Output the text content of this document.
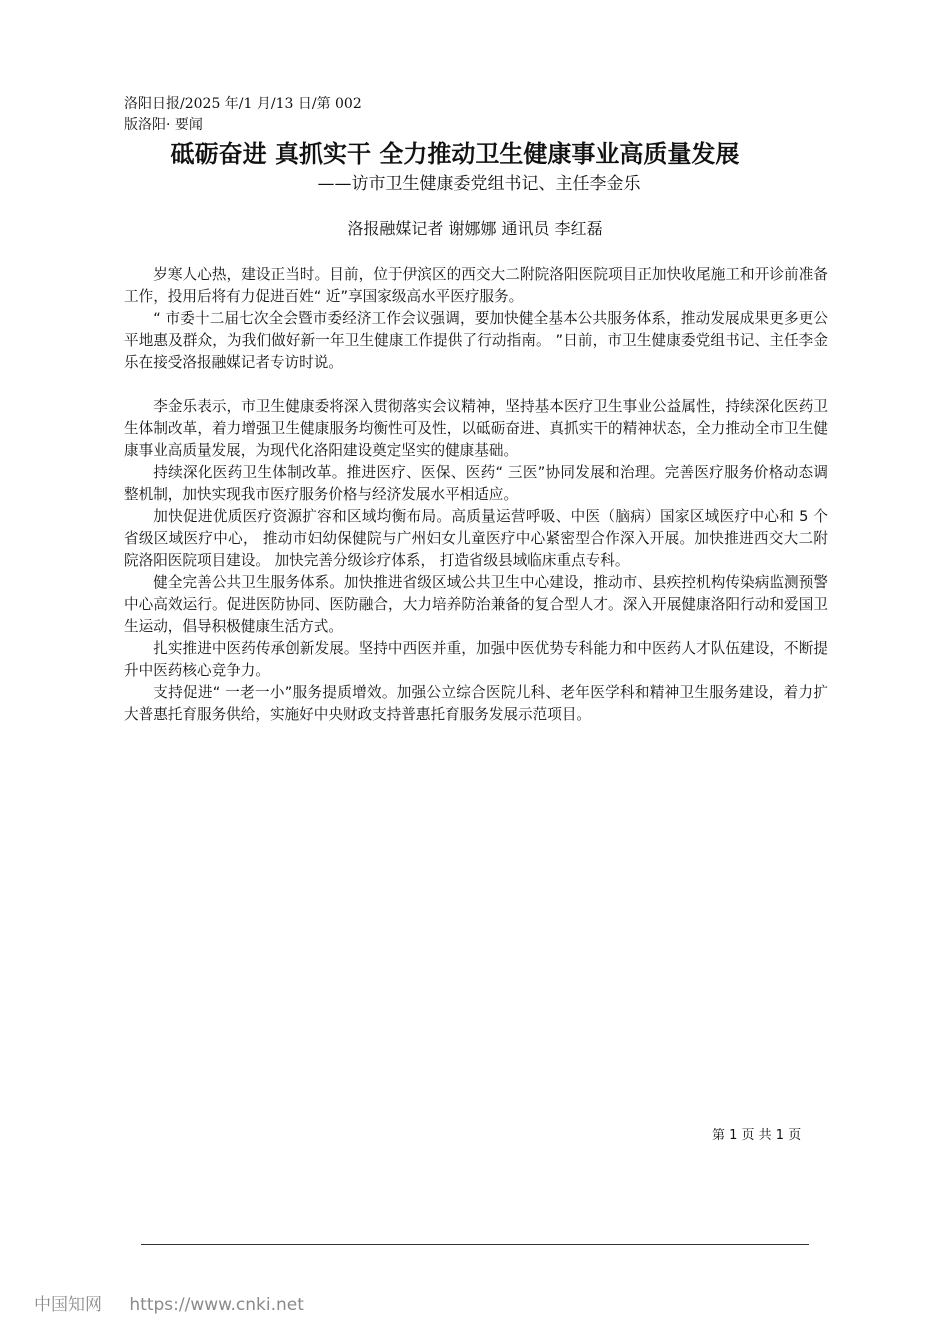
洛阳日报/2025 年/1 月/13 日/第 002
版洛阳· 要闻
砥砺奋进 真抓实干 全力推动卫生健康事业高质量发展
——访市卫生健康委党组书记、主任李金乐
洛报融媒记者 谢娜娜 通讯员 李红磊

岁寒人心热，建设正当时。目前，位于伊滨区的西交大二附院洛阳医院项目正加快收尾施工和开诊前准备工作，投用后将有力促进百姓“ 近”享国家级高水平医疗服务。

“ 市委十二届七次全会暨市委经济工作会议强调，要加快健全基本公共服务体系，推动发展成果更多更公平地惠及群众，为我们做好新一年卫生健康工作提供了行动指南。 ”日前，市卫生健康委党组书记、主任李金乐在接受洛报融媒记者专访时说。

李金乐表示，市卫生健康委将深入贯彻落实会议精神，坚持基本医疗卫生事业公益属性，持续深化医药卫生体制改革，着力增强卫生健康服务均衡性可及性，以砥砺奋进、真抓实干的精神状态，全力推动全市卫生健康事业高质量发展，为现代化洛阳建设奠定坚实的健康基础。

持续深化医药卫生体制改革。推进医疗、医保、医药“ 三医”协同发展和治理。完善医疗服务价格动态调整机制，加快实现我市医疗服务价格与经济发展水平相适应。

加快促进优质医疗资源扩容和区域均衡布局。高质量运营呼吸、中医（脑病）国家区域医疗中心和 5 个省级区域医疗中心， 推动市妇幼保健院与广州妇女儿童医疗中心紧密型合作深入开展。加快推进西交大二附院洛阳医院项目建设。 加快完善分级诊疗体系， 打造省级县域临床重点专科。

健全完善公共卫生服务体系。加快推进省级区域公共卫生中心建设，推动市、县疾控机构传染病监测预警中心高效运行。促进医防协同、医防融合，大力培养防治兼备的复合型人才。深入开展健康洛阳行动和爱国卫生运动，倡导积极健康生活方式。

扎实推进中医药传承创新发展。坚持中西医并重，加强中医优势专科能力和中医药人才队伍建设，不断提升中医药核心竞争力。

支持促进“ 一老一小”服务提质增效。加强公立综合医院儿科、老年医学科和精神卫生服务建设，着力扩大普惠托育服务供给，实施好中央财政支持普惠托育服务发展示范项目。

第 1 页 共 1 页
中国知网 https://www.cnki.net
